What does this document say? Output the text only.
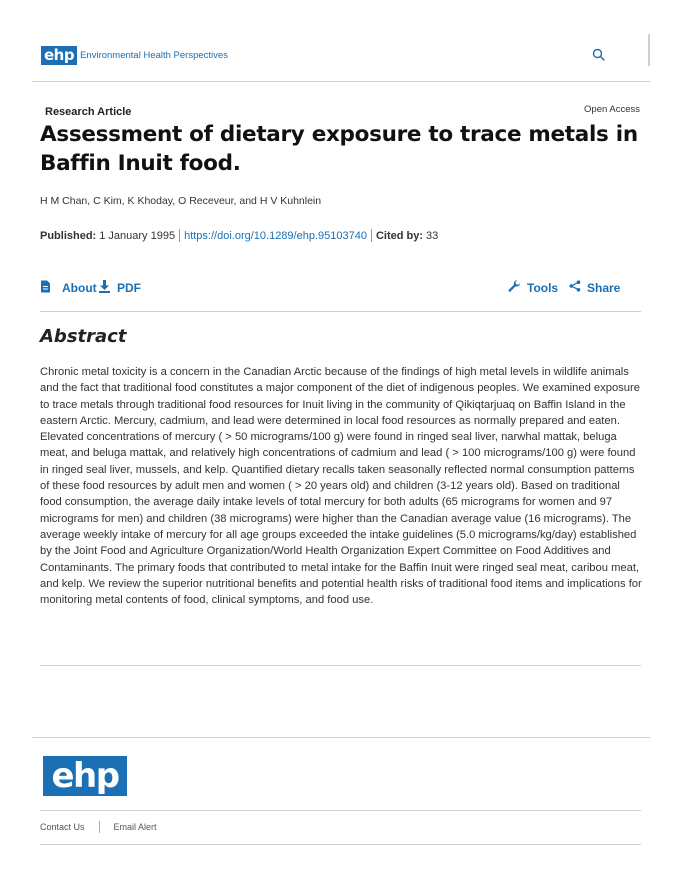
ehp Environmental Health Perspectives
Research Article	Open Access
Assessment of dietary exposure to trace metals in Baffin Inuit food.
H M Chan, C Kim, K Khoday, O Receveur, and H V Kuhnlein
Published: 1 January 1995 https://doi.org/10.1289/ehp.95103740 Cited by: 33
About PDF	Tools Share
Abstract

Chronic metal toxicity is a concern in the Canadian Arctic because of the findings of high metal levels in wildlife animals and the fact that traditional food constitutes a major component of the diet of indigenous peoples. We examined exposure to trace metals through traditional food resources for Inuit living in the community of Qikiqtarjuaq on Baffin Island in the eastern Arctic. Mercury, cadmium, and lead were determined in local food resources as normally prepared and eaten. Elevated concentrations of mercury ( > 50 micrograms/100 g) were found in ringed seal liver, narwhal mattak, beluga meat, and beluga mattak, and relatively high concentrations of cadmium and lead ( > 100 micrograms/100 g) were found in ringed seal liver, mussels, and kelp. Quantified dietary recalls taken seasonally reflected normal consumption patterns of these food resources by adult men and women ( > 20 years old) and children (3-12 years old). Based on traditional food consumption, the average daily intake levels of total mercury for both adults (65 micrograms for women and 97 micrograms for men) and children (38 micrograms) were higher than the Canadian average value (16 micrograms). The average weekly intake of mercury for all age groups exceeded the intake guidelines (5.0 micrograms/kg/day) established by the Joint Food and Agriculture Organization/World Health Organization Expert Committee on Food Additives and Contaminants. The primary foods that contributed to metal intake for the Baffin Inuit were ringed seal meat, caribou meat, and kelp. We review the superior nutritional benefits and potential health risks of traditional food items and implications for monitoring metal contents of food, clinical symptoms, and food use.

ehp
Contact Us	Email Alert
